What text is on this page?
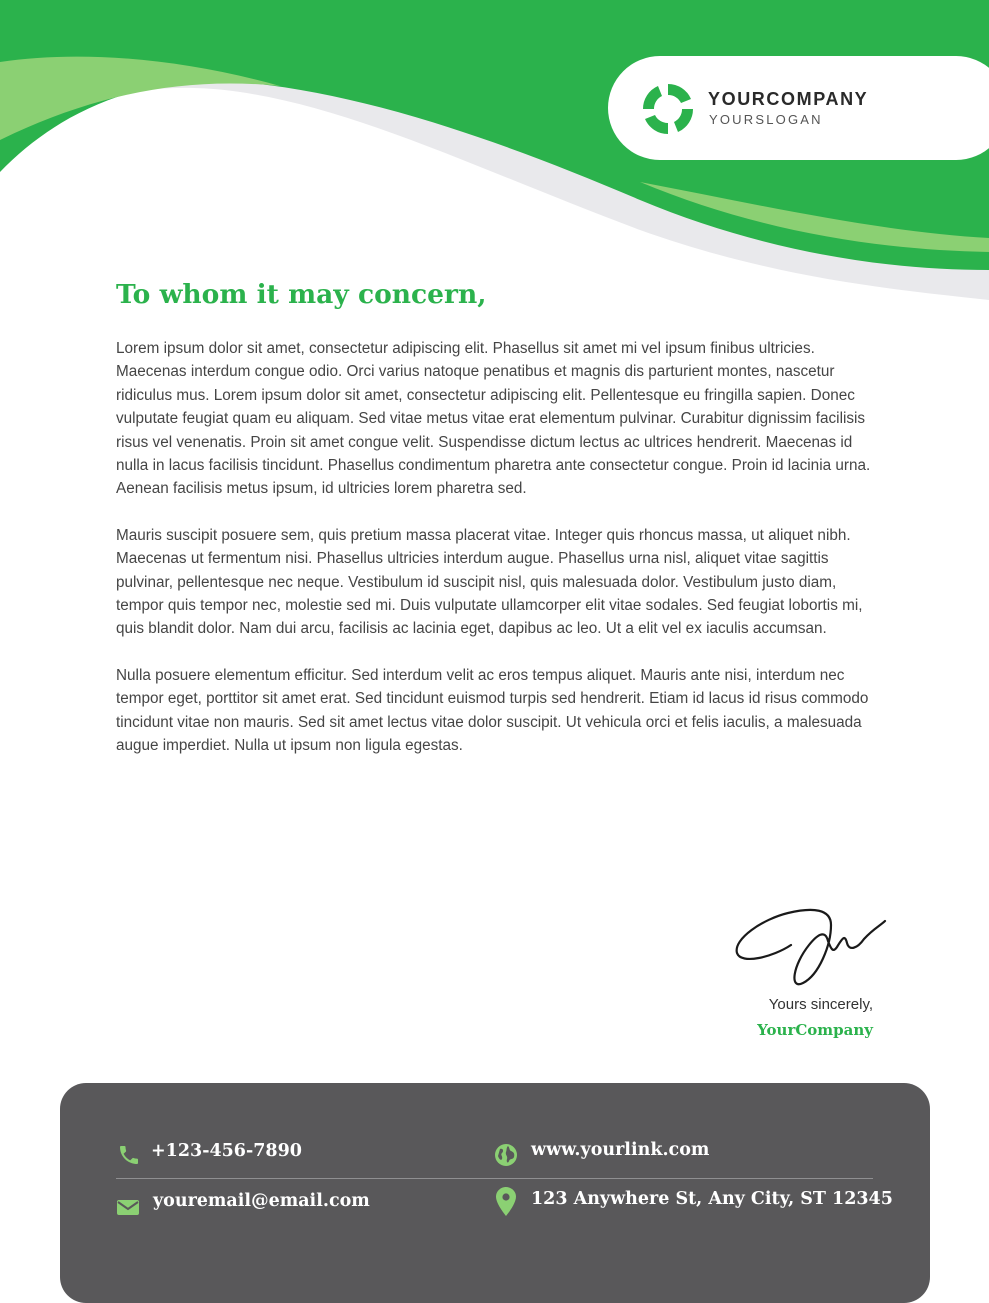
YOURCOMPANY
YOURSLOGAN
To whom it may concern,

Lorem ipsum dolor sit amet, consectetur adipiscing elit. Phasellus sit amet mi vel ipsum finibus ultricies. Maecenas interdum congue odio. Orci varius natoque penatibus et magnis dis parturient montes, nascetur ridiculus mus. Lorem ipsum dolor sit amet, consectetur adipiscing elit. Pellentesque eu fringilla sapien. Donec vulputate feugiat quam eu aliquam. Sed vitae metus vitae erat elementum pulvinar. Curabitur dignissim facilisis risus vel venenatis. Proin sit amet congue velit. Suspendisse dictum lectus ac ultrices hendrerit. Maecenas id nulla in lacus facilisis tincidunt. Phasellus condimentum pharetra ante consectetur congue. Proin id lacinia urna. Aenean facilisis metus ipsum, id ultricies lorem pharetra sed.

Mauris suscipit posuere sem, quis pretium massa placerat vitae. Integer quis rhoncus massa, ut aliquet nibh. Maecenas ut fermentum nisi. Phasellus ultricies interdum augue. Phasellus urna nisl, aliquet vitae sagittis pulvinar, pellentesque nec neque. Vestibulum id suscipit nisl, quis malesuada dolor. Vestibulum justo diam, tempor quis tempor nec, molestie sed mi. Duis vulputate ullamcorper elit vitae sodales. Sed feugiat lobortis mi, quis blandit dolor. Nam dui arcu, facilisis ac lacinia eget, dapibus ac leo. Ut a elit vel ex iaculis accumsan.

Nulla posuere elementum efficitur. Sed interdum velit ac eros tempus aliquet. Mauris ante nisi, interdum nec tempor eget, porttitor sit amet erat. Sed tincidunt euismod turpis sed hendrerit. Etiam id lacus id risus commodo tincidunt vitae non mauris. Sed sit amet lectus vitae dolor suscipit. Ut vehicula orci et felis iaculis, a malesuada augue imperdiet. Nulla ut ipsum non ligula egestas.

Yours sincerely,
YourCompany
+123-456-7890	www.yourlink.com
youremail@email.com	123 Anywhere St, Any City, ST 12345
